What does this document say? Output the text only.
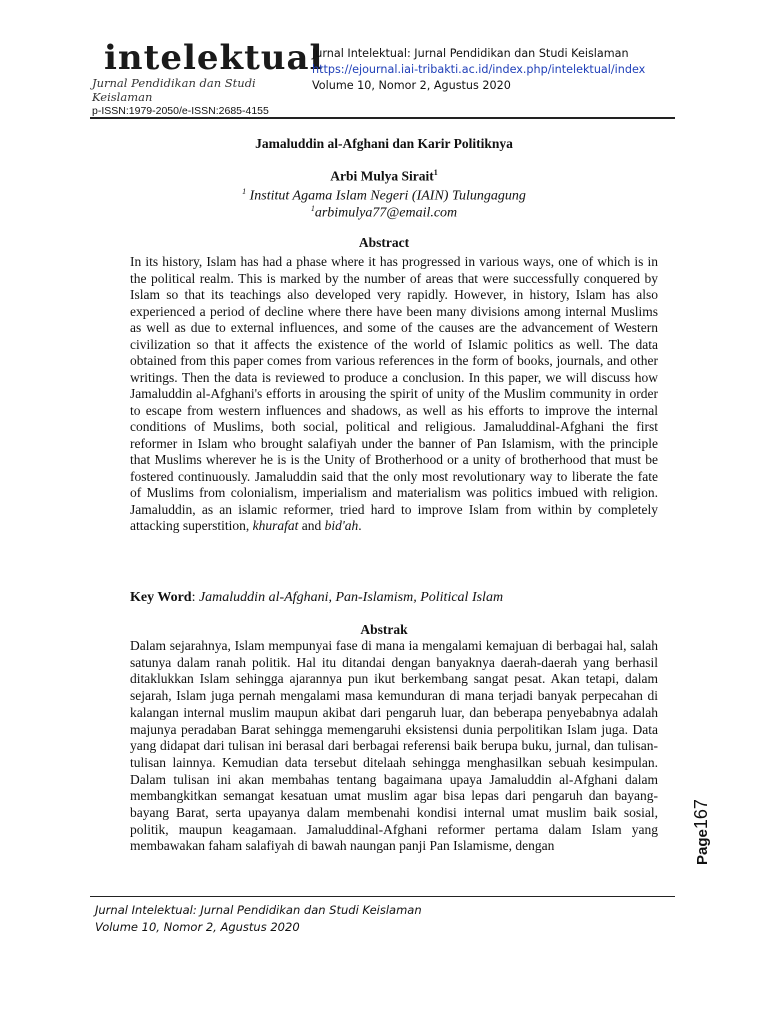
intelektual
Jurnal Pendidikan dan Studi Keislaman
p-ISSN:1979-2050/e-ISSN:2685-4155
Jurnal Intelektual: Jurnal Pendidikan dan Studi Keislaman
https://ejournal.iai-tribakti.ac.id/index.php/intelektual/index
Volume 10, Nomor 2, Agustus 2020
Jamaluddin al-Afghani dan Karir Politiknya
Arbi Mulya Sirait$^1$
$^1$ Institut Agama Islam Negeri (IAIN) Tulungagung
$^1$arbimulya77@email.com
Abstract
In its history, Islam has had a phase where it has progressed in various ways, one of which is in the political realm. This is marked by the number of areas that were successfully conquered by Islam so that its teachings also developed very rapidly. However, in history, Islam has also experienced a period of decline where there have been many divisions among internal Muslims as well as due to external influences, and some of the causes are the advancement of Western civilization so that it affects the existence of the world of Islamic politics as well. The data obtained from this paper comes from various references in the form of books, journals, and other writings. Then the data is reviewed to produce a conclusion. In this paper, we will discuss how Jamaluddin al-Afghani's efforts in arousing the spirit of unity of the Muslim community in order to escape from western influences and shadows, as well as his efforts to improve the internal conditions of Muslims, both social, political and religious. Jamaluddinal-Afghani the first reformer in Islam who brought salafiyah under the banner of Pan Islamism, with the principle that Muslims wherever he is is the Unity of Brotherhood or a unity of brotherhood that must be fostered continuously. Jamaluddin said that the only most revolutionary way to liberate the fate of Muslims from colonialism, imperialism and materialism was politics imbued with religion. Jamaluddin, as an islamic reformer, tried hard to improve Islam from within by completely attacking superstition, khurafat and bid'ah.
Key Word: Jamaluddin al-Afghani, Pan-Islamism, Political Islam
Abstrak
Dalam sejarahnya, Islam mempunyai fase di mana ia mengalami kemajuan di berbagai hal, salah satunya dalam ranah politik. Hal itu ditandai dengan banyaknya daerah-daerah yang berhasil ditaklukkan Islam sehingga ajarannya pun ikut berkembang sangat pesat. Akan tetapi, dalam sejarah, Islam juga pernah mengalami masa kemunduran di mana terjadi banyak perpecahan di kalangan internal muslim maupun akibat dari pengaruh luar, dan beberapa penyebabnya adalah majunya peradaban Barat sehingga memengaruhi eksistensi dunia perpolitikan Islam juga. Data yang didapat dari tulisan ini berasal dari berbagai referensi baik berupa buku, jurnal, dan tulisan-tulisan lainnya. Kemudian data tersebut ditelaah sehingga menghasilkan sebuah kesimpulan. Dalam tulisan ini akan membahas tentang bagaimana upaya Jamaluddin al-Afghani dalam membangkitkan semangat kesatuan umat muslim agar bisa lepas dari pengaruh dan bayang-bayang Barat, serta upayanya dalam membenahi kondisi internal umat muslim baik sosial, politik, maupun keagamaan. Jamaluddinal-Afghani reformer pertama dalam Islam yang membawakan faham salafiyah di bawah naungan panji Pan Islamisme, dengan	Page167
Jurnal Intelektual: Jurnal Pendidikan dan Studi Keislaman
Volume 10, Nomor 2, Agustus 2020
